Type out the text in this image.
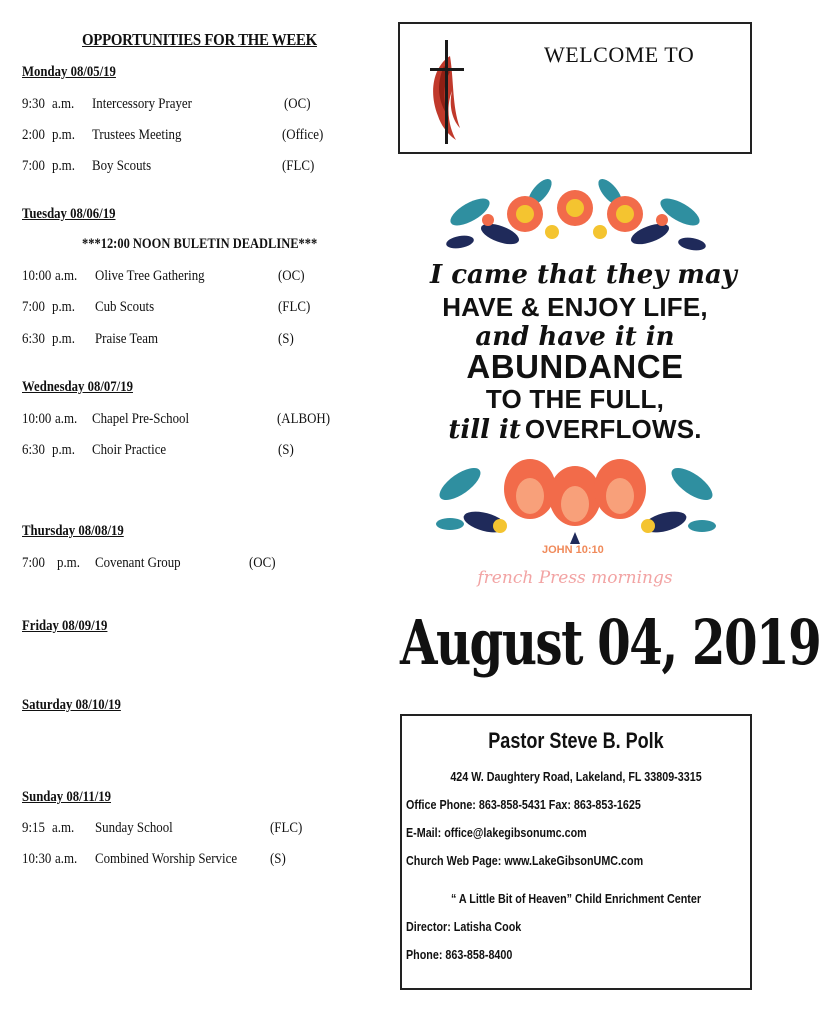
OPPORTUNITIES FOR THE WEEK
Monday 08/05/19
9:30 a.m. Intercessory Prayer	(OC)
2:00 p.m. Trustees Meeting	(Office)
7:00 p.m. Boy Scouts	(FLC)
Tuesday 08/06/19
***12:00 NOON BULETIN DEADLINE***
10:00 a.m. Olive Tree Gathering	(OC)
7:00 p.m. Cub Scouts	(FLC)
6:30 p.m. Praise Team	(S)
Wednesday 08/07/19
10:00 a.m. Chapel Pre-School	(ALBOH)
6:30 p.m. Choir Practice	(S)
Thursday 08/08/19
7:00 p.m. Covenant Group	(OC)
Friday 08/09/19
Saturday 08/10/19
Sunday 08/11/19
9:15 a.m. Sunday School	(FLC)
10:30 a.m. Combined Worship Service (S)
WELCOME TO
I came that they may
HAVE & ENJOY LIFE,
and have it in
ABUNDANCE
TO THE FULL,
till it OVERFLOWS.
JOHN 10:10
french Press mornings
August 04, 2019
Pastor Steve B. Polk
424 W. Daughtery Road, Lakeland, FL 33809-3315
Office Phone: 863-858-5431 Fax: 863-853-1625
E-Mail: office@lakegibsonumc.com
Church Web Page: www.LakeGibsonUMC.com
“ A Little Bit of Heaven” Child Enrichment Center
Director: Latisha Cook
Phone: 863-858-8400
